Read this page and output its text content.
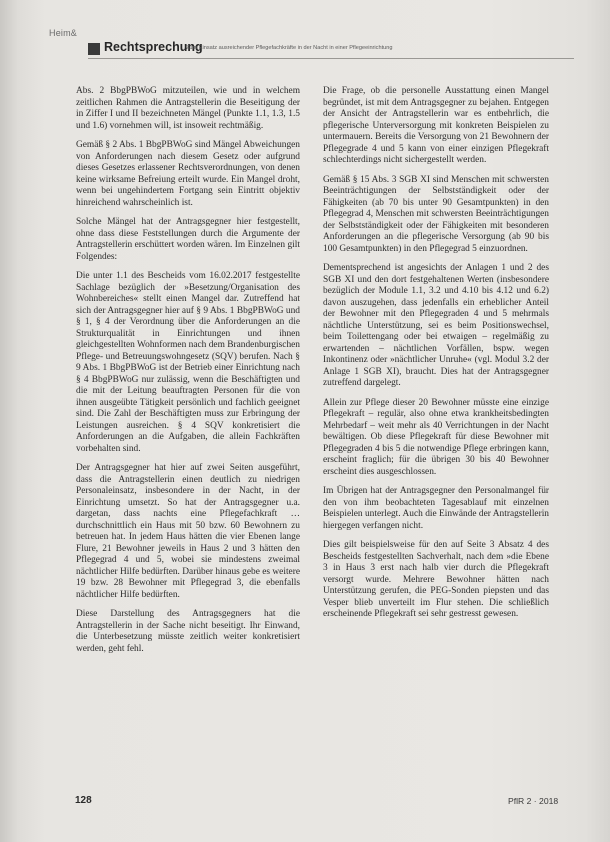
Heim&
Rechtsprechung
Zum Einsatz ausreichender Pflegefachkräfte in der Nacht in einer Pflegeeinrichtung

Abs. 2 BbgPBWoG mitzuteilen, wie und in welchem zeitlichen Rahmen die Antragstellerin die Beseitigung der in Ziffer I und II bezeichneten Mängel (Punkte 1.1, 1.3, 1.5 und 1.6) vornehmen will, ist insoweit rechtmäßig.

Gemäß § 2 Abs. 1 BbgPBWoG sind Mängel Abweichungen von Anforderungen nach diesem Gesetz oder aufgrund dieses Gesetzes erlassener Rechtsverordnungen, von denen keine wirksame Befreiung erteilt wurde. Ein Mangel droht, wenn bei ungehindertem Fortgang sein Eintritt objektiv hinreichend wahrscheinlich ist.

Solche Mängel hat der Antragsgegner hier festgestellt, ohne dass diese Feststellungen durch die Argumente der Antragstellerin erschüttert worden wären. Im Einzelnen gilt Folgendes:

Die unter 1.1 des Bescheids vom 16.02.2017 festgestellte Sachlage bezüglich der »Besetzung/Organisation des Wohnbereiches« stellt einen Mangel dar. Zutreffend hat sich der Antragsgegner hier auf § 9 Abs. 1 BbgPBWoG und § 1, § 4 der Verordnung über die Anforderungen an die Strukturqualität in Einrichtungen und ihnen gleichgestellten Wohnformen nach dem Brandenburgischen Pflege- und Betreuungswohngesetz (SQV) berufen. Nach § 9 Abs. 1 BbgPBWoG ist der Betrieb einer Einrichtung nach § 4 BbgPBWoG nur zulässig, wenn die Beschäftigten und die mit der Leitung beauftragten Personen für die von ihnen ausgeübte Tätigkeit persönlich und fachlich geeignet sind. Die Zahl der Beschäftigten muss zur Erbringung der Leistungen ausreichen. § 4 SQV konkretisiert die Anforderungen an die Aufgaben, die allein Fachkräften vorbehalten sind.

Der Antragsgegner hat hier auf zwei Seiten ausgeführt, dass die Antragstellerin einen deutlich zu niedrigen Personaleinsatz, insbesondere in der Nacht, in der Einrichtung umsetzt. So hat der Antragsgegner u.a. dargetan, dass nachts eine Pflegefachkraft … durchschnittlich ein Haus mit 50 bzw. 60 Bewohnern zu betreuen hat. In jedem Haus hätten die vier Ebenen lange Flure, 21 Bewohner jeweils in Haus 2 und 3 hätten den Pflegegrad 4 und 5, wobei sie mindestens zweimal nächtlicher Hilfe bedürften. Darüber hinaus gebe es weitere 19 bzw. 28 Bewohner mit Pflegegrad 3, die ebenfalls nächtlicher Hilfe bedürften.

Diese Darstellung des Antragsgegners hat die Antragstellerin in der Sache nicht beseitigt. Ihr Einwand, die Unterbesetzung müsste zeitlich weiter konkretisiert werden, geht fehl.

Die Frage, ob die personelle Ausstattung einen Mangel begründet, ist mit dem Antragsgegner zu bejahen. Entgegen der Ansicht der Antragstellerin war es entbehrlich, die pflegerische Unterversorgung mit konkreten Beispielen zu untermauern. Bereits die Versorgung von 21 Bewohnern der Pflegegrade 4 und 5 kann von einer einzigen Pflegekraft schlechterdings nicht sichergestellt werden.

Gemäß § 15 Abs. 3 SGB XI sind Menschen mit schwersten Beeinträchtigungen der Selbstständigkeit oder der Fähigkeiten (ab 70 bis unter 90 Gesamtpunkten) in den Pflegegrad 4, Menschen mit schwersten Beeinträchtigungen der Selbstständigkeit oder der Fähigkeiten mit besonderen Anforderungen an die pflegerische Versorgung (ab 90 bis 100 Gesamtpunkten) in den Pflegegrad 5 einzuordnen.

Dementsprechend ist angesichts der Anlagen 1 und 2 des SGB XI und den dort festgehaltenen Werten (insbesondere bezüglich der Module 1.1, 3.2 und 4.10 bis 4.12 und 6.2) davon auszugehen, dass jedenfalls ein erheblicher Anteil der Bewohner mit den Pflegegraden 4 und 5 mehrmals nächtliche Unterstützung, sei es beim Positionswechsel, beim Toilettengang oder bei etwaigen – regelmäßig zu erwartenden – nächtlichen Vorfällen, bspw. wegen Inkontinenz oder »nächtlicher Unruhe« (vgl. Modul 3.2 der Anlage 1 SGB XI), braucht. Dies hat der Antragsgegner zutreffend dargelegt.

Allein zur Pflege dieser 20 Bewohner müsste eine einzige Pflegekraft – regulär, also ohne etwa krankheitsbedingten Mehrbedarf – weit mehr als 40 Verrichtungen in der Nacht bewältigen. Ob diese Pflegekraft für diese Bewohner mit Pflegegraden 4 bis 5 die notwendige Pflege erbringen kann, erscheint fraglich; für die übrigen 30 bis 40 Bewohner erscheint dies ausgeschlossen.

Im Übrigen hat der Antragsgegner den Personalmangel für den von ihm beobachteten Tagesablauf mit einzelnen Beispielen unterlegt. Auch die Einwände der Antragstellerin hiergegen verfangen nicht.

Dies gilt beispielsweise für den auf Seite 3 Absatz 4 des Bescheids festgestellten Sachverhalt, nach dem »die Ebene 3 in Haus 3 erst nach halb vier durch die Pflegekraft versorgt wurde. Mehrere Bewohner hätten nach Unterstützung gerufen, die PEG-Sonden piepsten und das Vesper blieb unverteilt im Flur stehen. Die schließlich erscheinende Pflegekraft sei sehr gestresst gewesen.

128	PflR 2 · 2018
